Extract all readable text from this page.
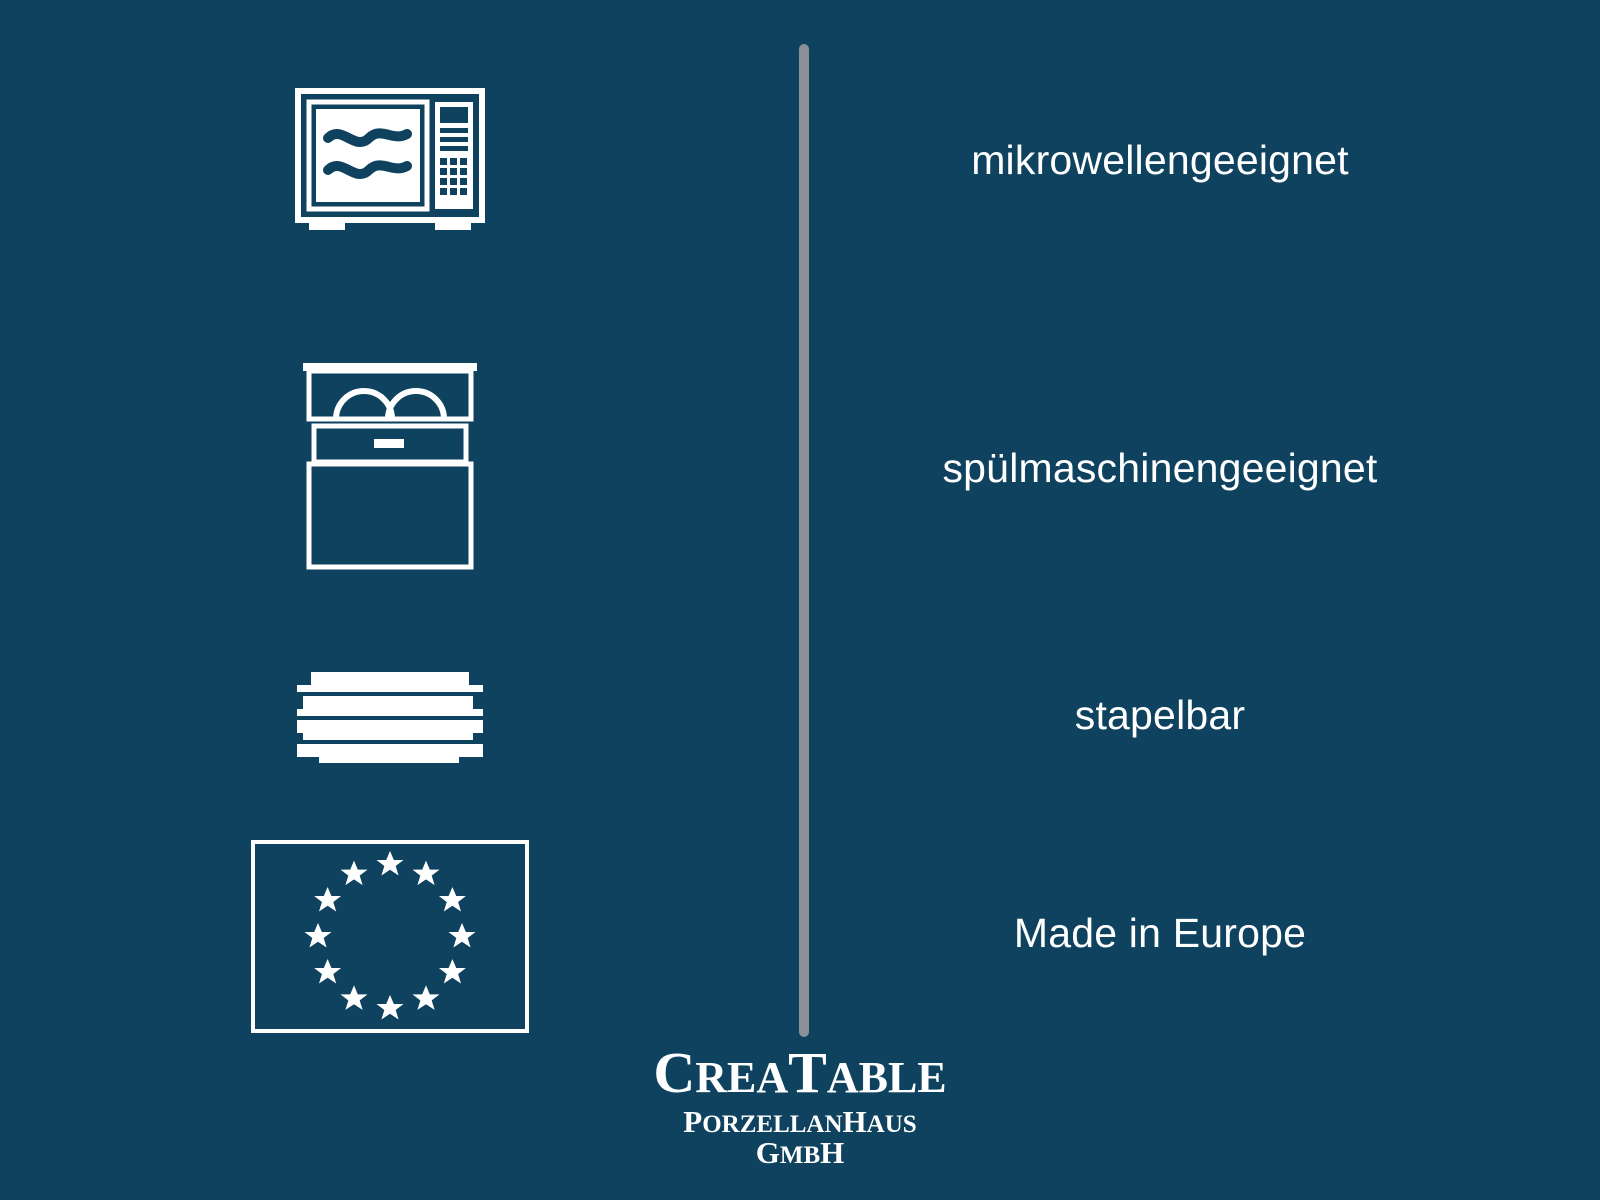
mikrowellengeeignet
spülmaschinengeeignet
stapelbar
Made in Europe
CREATABLE
PORZELLANHAUS GMBH
